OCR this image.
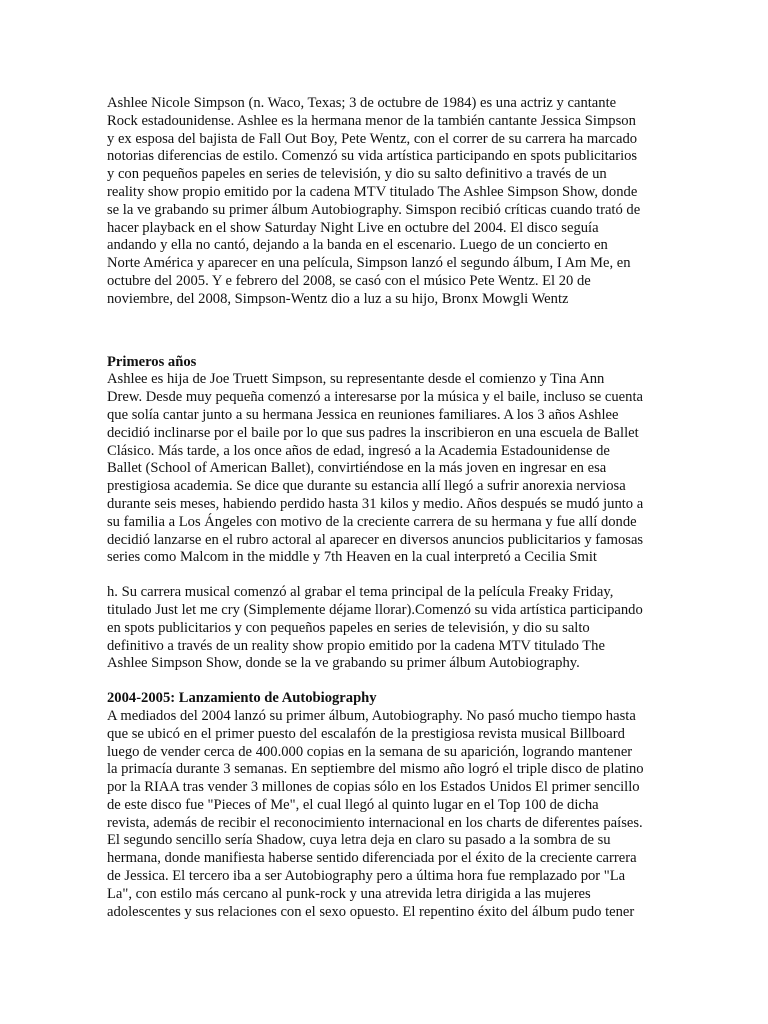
Ashlee Nicole Simpson (n. Waco, Texas; 3 de octubre de 1984) es una actriz y cantante
Rock estadounidense. Ashlee es la hermana menor de la también cantante Jessica Simpson
y ex esposa del bajista de Fall Out Boy, Pete Wentz, con el correr de su carrera ha marcado
notorias diferencias de estilo. Comenzó su vida artística participando en spots publicitarios
y con pequeños papeles en series de televisión, y dio su salto definitivo a través de un
reality show propio emitido por la cadena MTV titulado The Ashlee Simpson Show, donde
se la ve grabando su primer álbum Autobiography. Simspon recibió críticas cuando trató de
hacer playback en el show Saturday Night Live en octubre del 2004. El disco seguía
andando y ella no cantó, dejando a la banda en el escenario. Luego de un concierto en
Norte América y aparecer en una película, Simpson lanzó el segundo álbum, I Am Me, en
octubre del 2005. Y e febrero del 2008, se casó con el músico Pete Wentz. El 20 de
noviembre, del 2008, Simpson-Wentz dio a luz a su hijo, Bronx Mowgli Wentz

Primeros años
Ashlee es hija de Joe Truett Simpson, su representante desde el comienzo y Tina Ann
Drew. Desde muy pequeña comenzó a interesarse por la música y el baile, incluso se cuenta
que solía cantar junto a su hermana Jessica en reuniones familiares. A los 3 años Ashlee
decidió inclinarse por el baile por lo que sus padres la inscribieron en una escuela de Ballet
Clásico. Más tarde, a los once años de edad, ingresó a la Academia Estadounidense de
Ballet (School of American Ballet), convirtiéndose en la más joven en ingresar en esa
prestigiosa academia. Se dice que durante su estancia allí llegó a sufrir anorexia nerviosa
durante seis meses, habiendo perdido hasta 31 kilos y medio. Años después se mudó junto a
su familia a Los Ángeles con motivo de la creciente carrera de su hermana y fue allí donde
decidió lanzarse en el rubro actoral al aparecer en diversos anuncios publicitarios y famosas
series como Malcom in the middle y 7th Heaven en la cual interpretó a Cecilia Smit

h. Su carrera musical comenzó al grabar el tema principal de la película Freaky Friday,
titulado Just let me cry (Simplemente déjame llorar).Comenzó su vida artística participando
en spots publicitarios y con pequeños papeles en series de televisión, y dio su salto
definitivo a través de un reality show propio emitido por la cadena MTV titulado The
Ashlee Simpson Show, donde se la ve grabando su primer álbum Autobiography.

2004-2005: Lanzamiento de Autobiography
A mediados del 2004 lanzó su primer álbum, Autobiography. No pasó mucho tiempo hasta
que se ubicó en el primer puesto del escalafón de la prestigiosa revista musical Billboard
luego de vender cerca de 400.000 copias en la semana de su aparición, logrando mantener
la primacía durante 3 semanas. En septiembre del mismo año logró el triple disco de platino
por la RIAA tras vender 3 millones de copias sólo en los Estados Unidos El primer sencillo
de este disco fue "Pieces of Me", el cual llegó al quinto lugar en el Top 100 de dicha
revista, además de recibir el reconocimiento internacional en los charts de diferentes países.
El segundo sencillo sería Shadow, cuya letra deja en claro su pasado a la sombra de su
hermana, donde manifiesta haberse sentido diferenciada por el éxito de la creciente carrera
de Jessica. El tercero iba a ser Autobiography pero a última hora fue remplazado por "La
La", con estilo más cercano al punk-rock y una atrevida letra dirigida a las mujeres
adolescentes y sus relaciones con el sexo opuesto. El repentino éxito del álbum pudo tener
